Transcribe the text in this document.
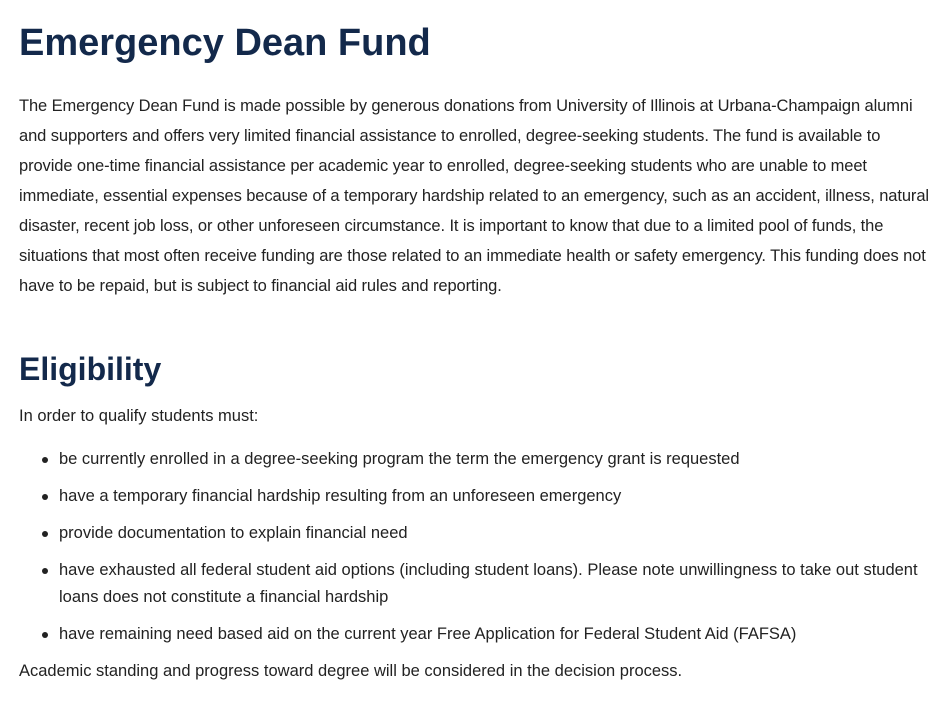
Emergency Dean Fund

The Emergency Dean Fund is made possible by generous donations from University of Illinois at Urbana-Champaign alumni and supporters and offers very limited financial assistance to enrolled, degree-seeking students. The fund is available to provide one-time financial assistance per academic year to enrolled, degree-seeking students who are unable to meet immediate, essential expenses because of a temporary hardship related to an emergency, such as an accident, illness, natural disaster, recent job loss, or other unforeseen circumstance. It is important to know that due to a limited pool of funds, the situations that most often receive funding are those related to an immediate health or safety emergency. This funding does not have to be repaid, but is subject to financial aid rules and reporting.

Eligibility

In order to qualify students must:

be currently enrolled in a degree-seeking program the term the emergency grant is requested
have a temporary financial hardship resulting from an unforeseen emergency
provide documentation to explain financial need
have exhausted all federal student aid options (including student loans). Please note unwillingness to take out student loans does not constitute a financial hardship
have remaining need based aid on the current year Free Application for Federal Student Aid (FAFSA)

Academic standing and progress toward degree will be considered in the decision process.
